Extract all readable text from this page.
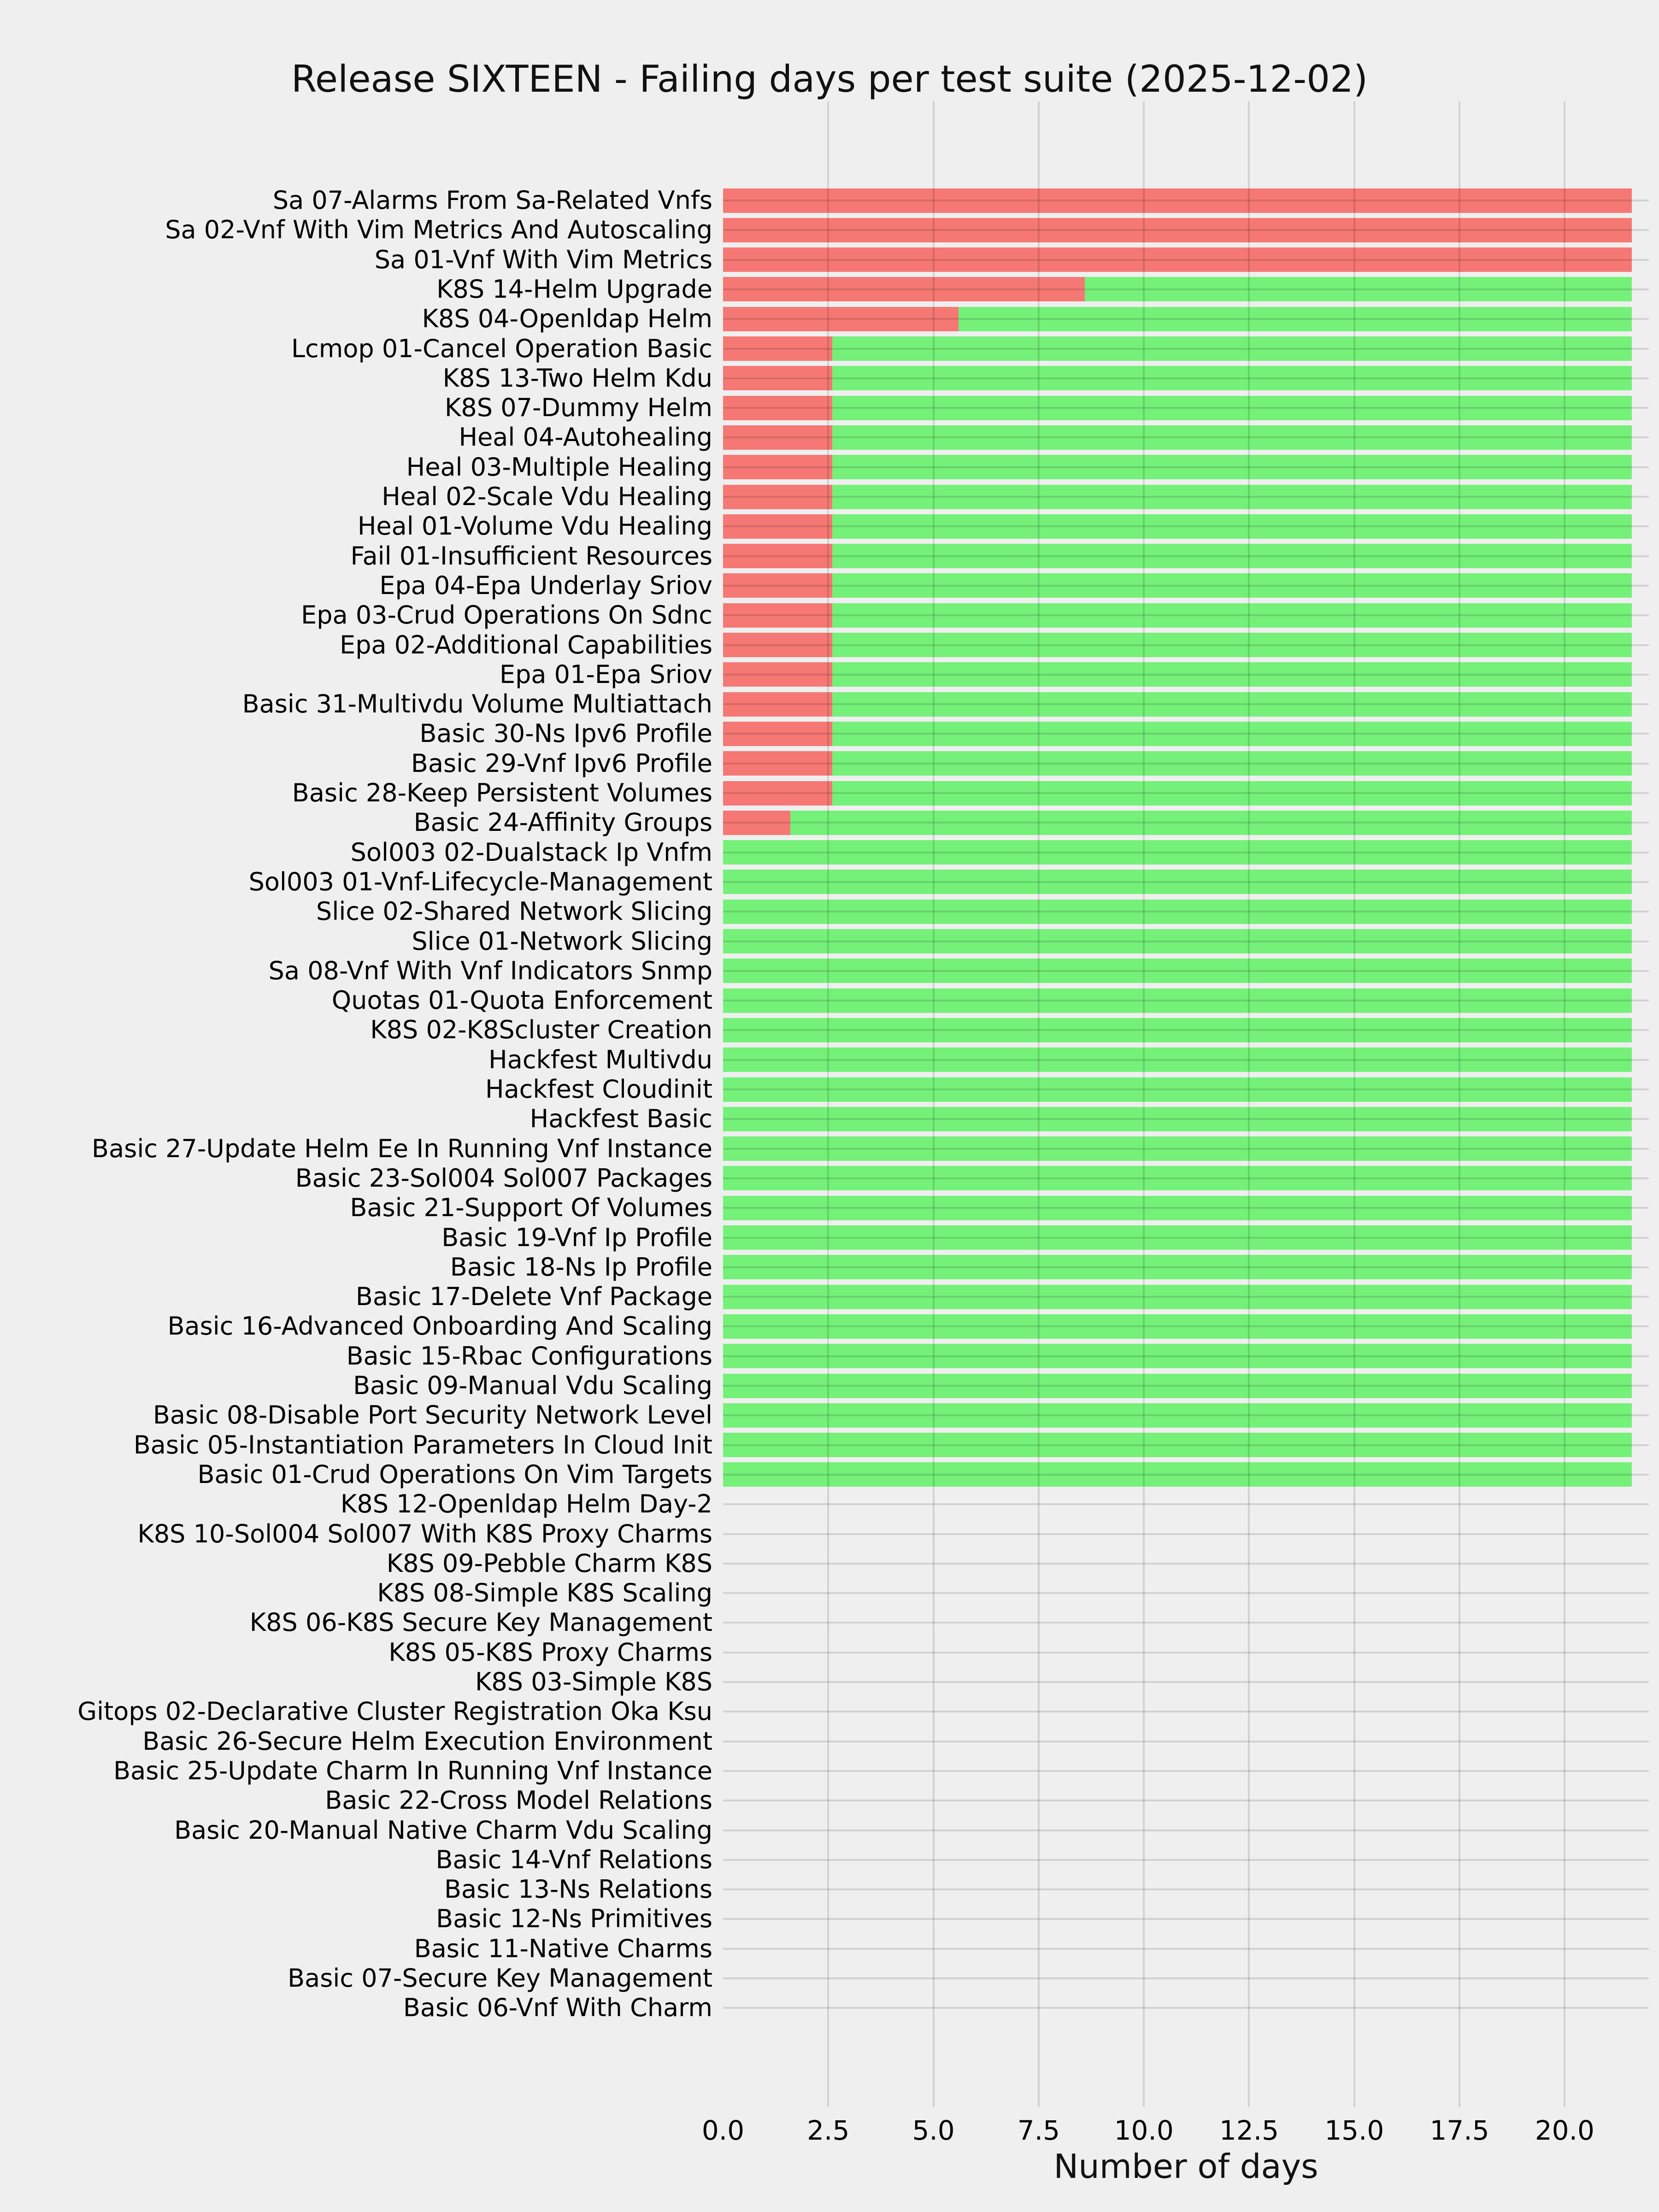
Release SIXTEEN - Failing days per test suite (2025-12-02)
Sa 07-Alarms From Sa-Related Vnfs
Sa 02-Vnf With Vim Metrics And Autoscaling
Sa 01-Vnf With Vim Metrics
K8S 14-Helm Upgrade
K8S 04-Openldap Helm
Lcmop 01-Cancel Operation Basic
K8S 13-Two Helm Kdu
K8S 07-Dummy Helm
Heal 04-Autohealing
Heal 03-Multiple Healing
Heal 02-Scale Vdu Healing
Heal 01-Volume Vdu Healing
Fail 01-Insufficient Resources
Epa 04-Epa Underlay Sriov
Epa 03-Crud Operations On Sdnc
Epa 02-Additional Capabilities
Epa 01-Epa Sriov
Basic 31-Multivdu Volume Multiattach
Basic 30-Ns Ipv6 Profile
Basic 29-Vnf Ipv6 Profile
Basic 28-Keep Persistent Volumes
Basic 24-Affinity Groups
Sol003 02-Dualstack Ip Vnfm
Sol003 01-Vnf-Lifecycle-Management
Slice 02-Shared Network Slicing
Slice 01-Network Slicing
Sa 08-Vnf With Vnf Indicators Snmp
Quotas 01-Quota Enforcement
K8S 02-K8Scluster Creation
Hackfest Multivdu
Hackfest Cloudinit
Hackfest Basic
Basic 27-Update Helm Ee In Running Vnf Instance
Basic 23-Sol004 Sol007 Packages
Basic 21-Support Of Volumes
Basic 19-Vnf Ip Profile
Basic 18-Ns Ip Profile
Basic 17-Delete Vnf Package
Basic 16-Advanced Onboarding And Scaling
Basic 15-Rbac Configurations
Basic 09-Manual Vdu Scaling
Basic 08-Disable Port Security Network Level
Basic 05-Instantiation Parameters In Cloud Init
Basic 01-Crud Operations On Vim Targets
K8S 12-Openldap Helm Day-2
K8S 10-Sol004 Sol007 With K8S Proxy Charms
K8S 09-Pebble Charm K8S
K8S 08-Simple K8S Scaling
K8S 06-K8S Secure Key Management
K8S 05-K8S Proxy Charms
K8S 03-Simple K8S
Gitops 02-Declarative Cluster Registration Oka Ksu
Basic 26-Secure Helm Execution Environment
Basic 25-Update Charm In Running Vnf Instance
Basic 22-Cross Model Relations
Basic 20-Manual Native Charm Vdu Scaling
Basic 14-Vnf Relations
Basic 13-Ns Relations
Basic 12-Ns Primitives
Basic 11-Native Charms
Basic 07-Secure Key Management
Basic 06-Vnf With Charm
0.0	2.5	5.0	7.5	10.0	12.5	15.0	17.5	20.0
Number of days
